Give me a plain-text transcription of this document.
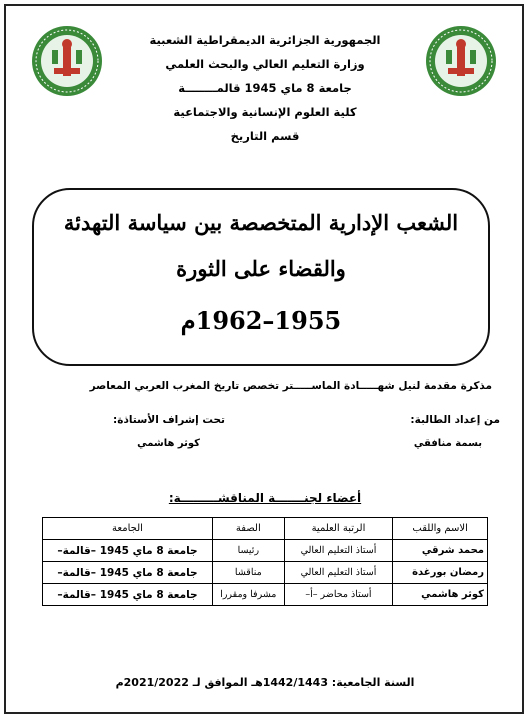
الجمهورية الجزائرية الديمقراطية الشعبية
وزارة التعليم العالي والبحث العلمي
جامعة 8 ماي 1945 قالمــــــــة
كلية العلوم الإنسانية والاجتماعية
قسم التاريخ
الشعب الإدارية المتخصصة بين سياسة التهدئة
والقضاء على الثورة
1955–1962م
مذكرة مقدمة لنيل شهـــــادة الماســـــتر تخصص تاريخ المغرب العربي المعاصر
من إعداد الطالبة:
تحت إشراف الأستاذة:
بسمة منافقي
كوثر هاشمي
أعضاء لجنـــــــة المناقشـــــــــة:
الاسم واللقب	الرتبة العلمية	الصفة	الجامعة
محمد شرقي	أستاذ التعليم العالي	رئيسا	جامعة 8 ماي 1945 –قالمة–
رمضان بورغدة	أستاذ التعليم العالي	مناقشا	جامعة 8 ماي 1945 –قالمة–
كوثر هاشمي	أستاذ محاضر –أ–	مشرفا ومقررا	جامعة 8 ماي 1945 –قالمة–
السنة الجامعية: 1442/1443هـ الموافق لـ 2021/2022م
